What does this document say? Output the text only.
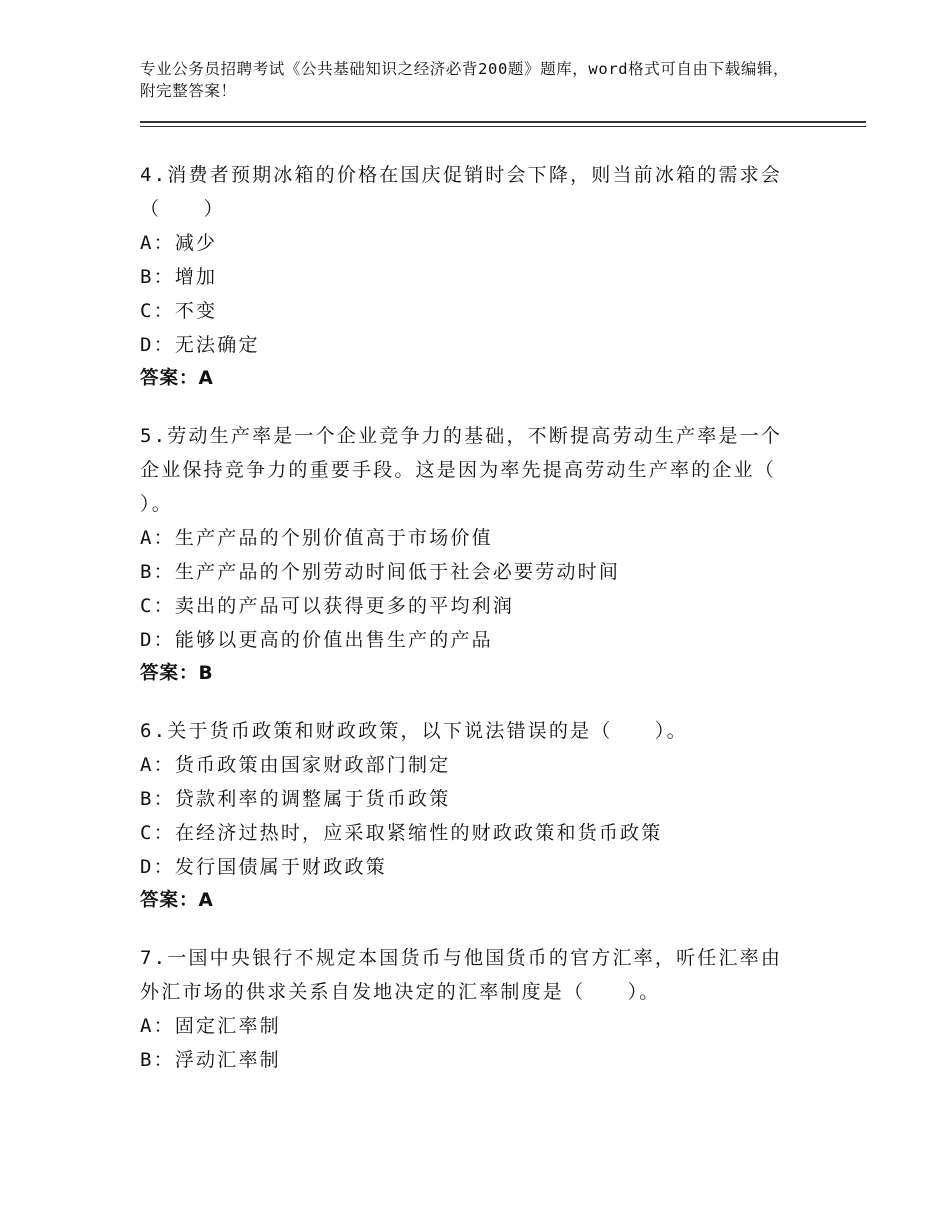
专业公务员招聘考试《公共基础知识之经济必背200题》题库，word格式可自由下载编辑，附完整答案！
4.消费者预期冰箱的价格在国庆促销时会下降，则当前冰箱的需求会（　　）
A：减少
B：增加
C：不变
D：无法确定
答案：A
5.劳动生产率是一个企业竞争力的基础，不断提高劳动生产率是一个企业保持竞争力的重要手段。这是因为率先提高劳动生产率的企业（ ）。
A：生产产品的个别价值高于市场价值
B：生产产品的个别劳动时间低于社会必要劳动时间
C：卖出的产品可以获得更多的平均利润
D：能够以更高的价值出售生产的产品
答案：B
6.关于货币政策和财政政策，以下说法错误的是（　　）。
A：货币政策由国家财政部门制定
B：贷款利率的调整属于货币政策
C：在经济过热时，应采取紧缩性的财政政策和货币政策
D：发行国债属于财政政策
答案：A
7.一国中央银行不规定本国货币与他国货币的官方汇率，听任汇率由外汇市场的供求关系自发地决定的汇率制度是（　　）。
A：固定汇率制
B：浮动汇率制
